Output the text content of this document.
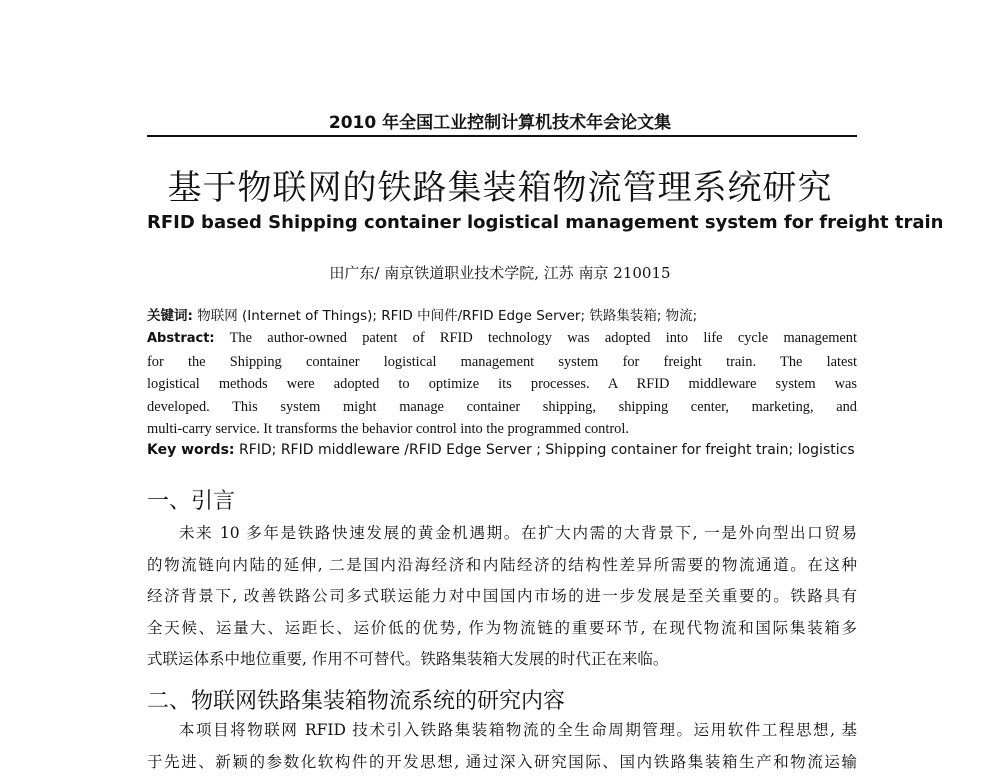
2010 年全国工业控制计算机技术年会论文集
基于物联网的铁路集装箱物流管理系统研究
RFID based Shipping container logistical management system for freight train
田广东/ 南京铁道职业技术学院, 江苏 南京 210015
关键词: 物联网 (Internet of Things); RFID 中间件/RFID Edge Server; 铁路集装箱; 物流;
Abstract: The author-owned patent of RFID technology was adopted into life cycle management
for the Shipping container logistical management system for freight train. The latest
logistical methods were adopted to optimize its processes. A RFID middleware system was
developed. This system might manage container shipping, shipping center, marketing, and
multi-carry service. It transforms the behavior control into the programmed control.
Key words: RFID; RFID middleware /RFID Edge Server ; Shipping container for freight train; logistics
一、引言
未来 10 多年是铁路快速发展的黄金机遇期。在扩大内需的大背景下, 一是外向型出口贸易
的物流链向内陆的延伸, 二是国内沿海经济和内陆经济的结构性差异所需要的物流通道。在这种
经济背景下, 改善铁路公司多式联运能力对中国国内市场的进一步发展是至关重要的。铁路具有
全天候、运量大、运距长、运价低的优势, 作为物流链的重要环节, 在现代物流和国际集装箱多
式联运体系中地位重要, 作用不可替代。铁路集装箱大发展的时代正在来临。
二、物联网铁路集装箱物流系统的研究内容
本项目将物联网 RFID 技术引入铁路集装箱物流的全生命周期管理。运用软件工程思想, 基
于先进、新颖的参数化软构件的开发思想, 通过深入研究国际、国内铁路集装箱生产和物流运输
